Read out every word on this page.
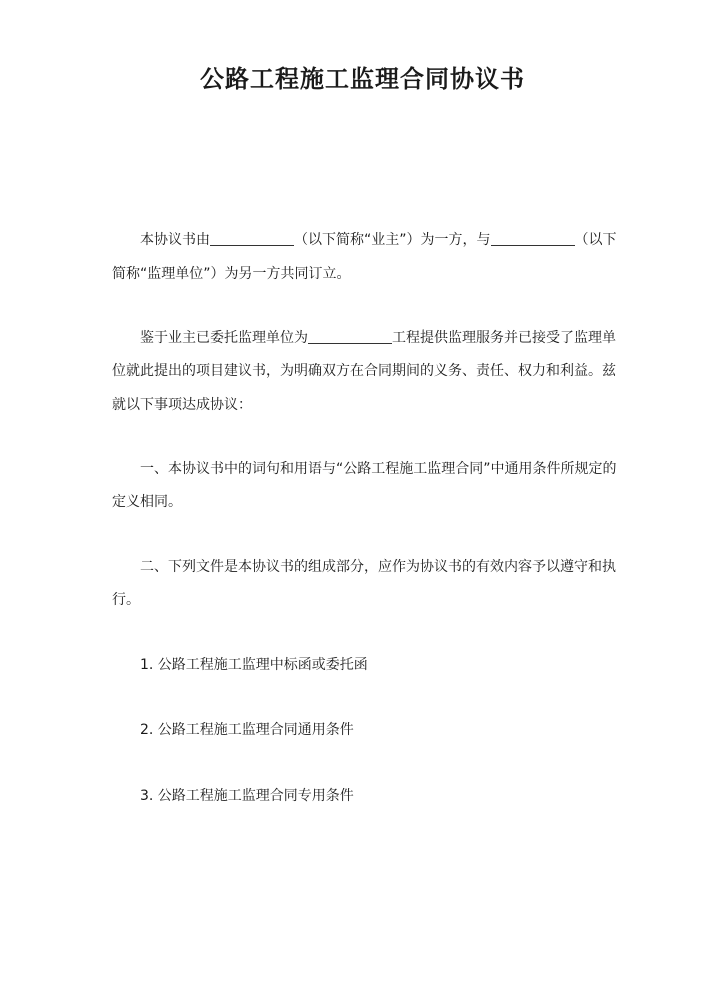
公路工程施工监理合同协议书
本协议书由	（以下简称“业主”）为一方，与	（以下
简称“监理单位”）为另一方共同订立。
鉴于业主已委托监理单位为	工程提供监理服务并已接受了监理单
位就此提出的项目建议书，为明确双方在合同期间的义务、责任、权力和利益。兹
就以下事项达成协议：
一、本协议书中的词句和用语与“公路工程施工监理合同”中通用条件所规定的
定义相同。
二、下列文件是本协议书的组成部分，应作为协议书的有效内容予以遵守和执
行。
1. 公路工程施工监理中标函或委托函
2. 公路工程施工监理合同通用条件
3. 公路工程施工监理合同专用条件
